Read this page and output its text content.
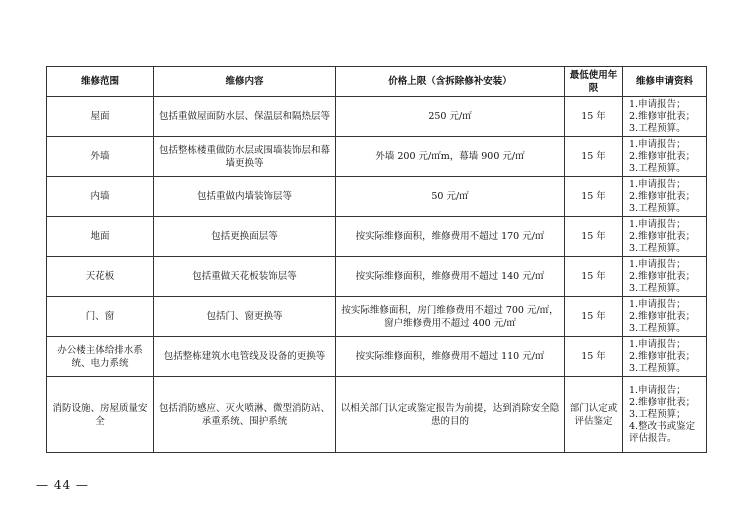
维修范围	维修内容	价格上限（含拆除修补安装）	最低使用年限	维修申请资料
屋面	包括重做屋面防水层、保温层和隔热层等	250 元/㎡	15 年	1.申请报告；
2.维修审批表；
3.工程预算。

外墙	包括整栋楼重做防水层或围墙装饰层和幕墙更换等	外墙 200 元/㎡m，幕墙 900 元/㎡	15 年	1.申请报告；
2.维修审批表；
3.工程预算。

内墙	包括重做内墙装饰层等	50 元/㎡	15 年	1.申请报告；
2.维修审批表；
3.工程预算。

地面	包括更换面层等	按实际维修面积，维修费用不超过 170 元/㎡	15 年	1.申请报告；
2.维修审批表；
3.工程预算。

天花板	包括重做天花板装饰层等	按实际维修面积，维修费用不超过 140 元/㎡	15 年	1.申请报告；
2.维修审批表；
3.工程预算。

门、窗	包括门、窗更换等	按实际维修面积，房门维修费用不超过 700 元/㎡，窗户维修费用不超过 400 元/㎡	15 年	1.申请报告；
2.维修审批表；
3.工程预算。

办公楼主体给排水系统、电力系统	包括整栋建筑水电管线及设备的更换等	按实际维修面积，维修费用不超过 110 元/㎡	15 年	1.申请报告；
2.维修审批表；
3.工程预算。

消防设施、房屋质量安全	包括消防感应、灭火喷淋、微型消防站、承重系统、围护系统	以相关部门认定或鉴定报告为前提，达到消除安全隐患的目的	部门认定或评估鉴定	1.申请报告；
2.维修审批表；
3.工程预算；
4.整改书或鉴定评估报告。
— 44 —
